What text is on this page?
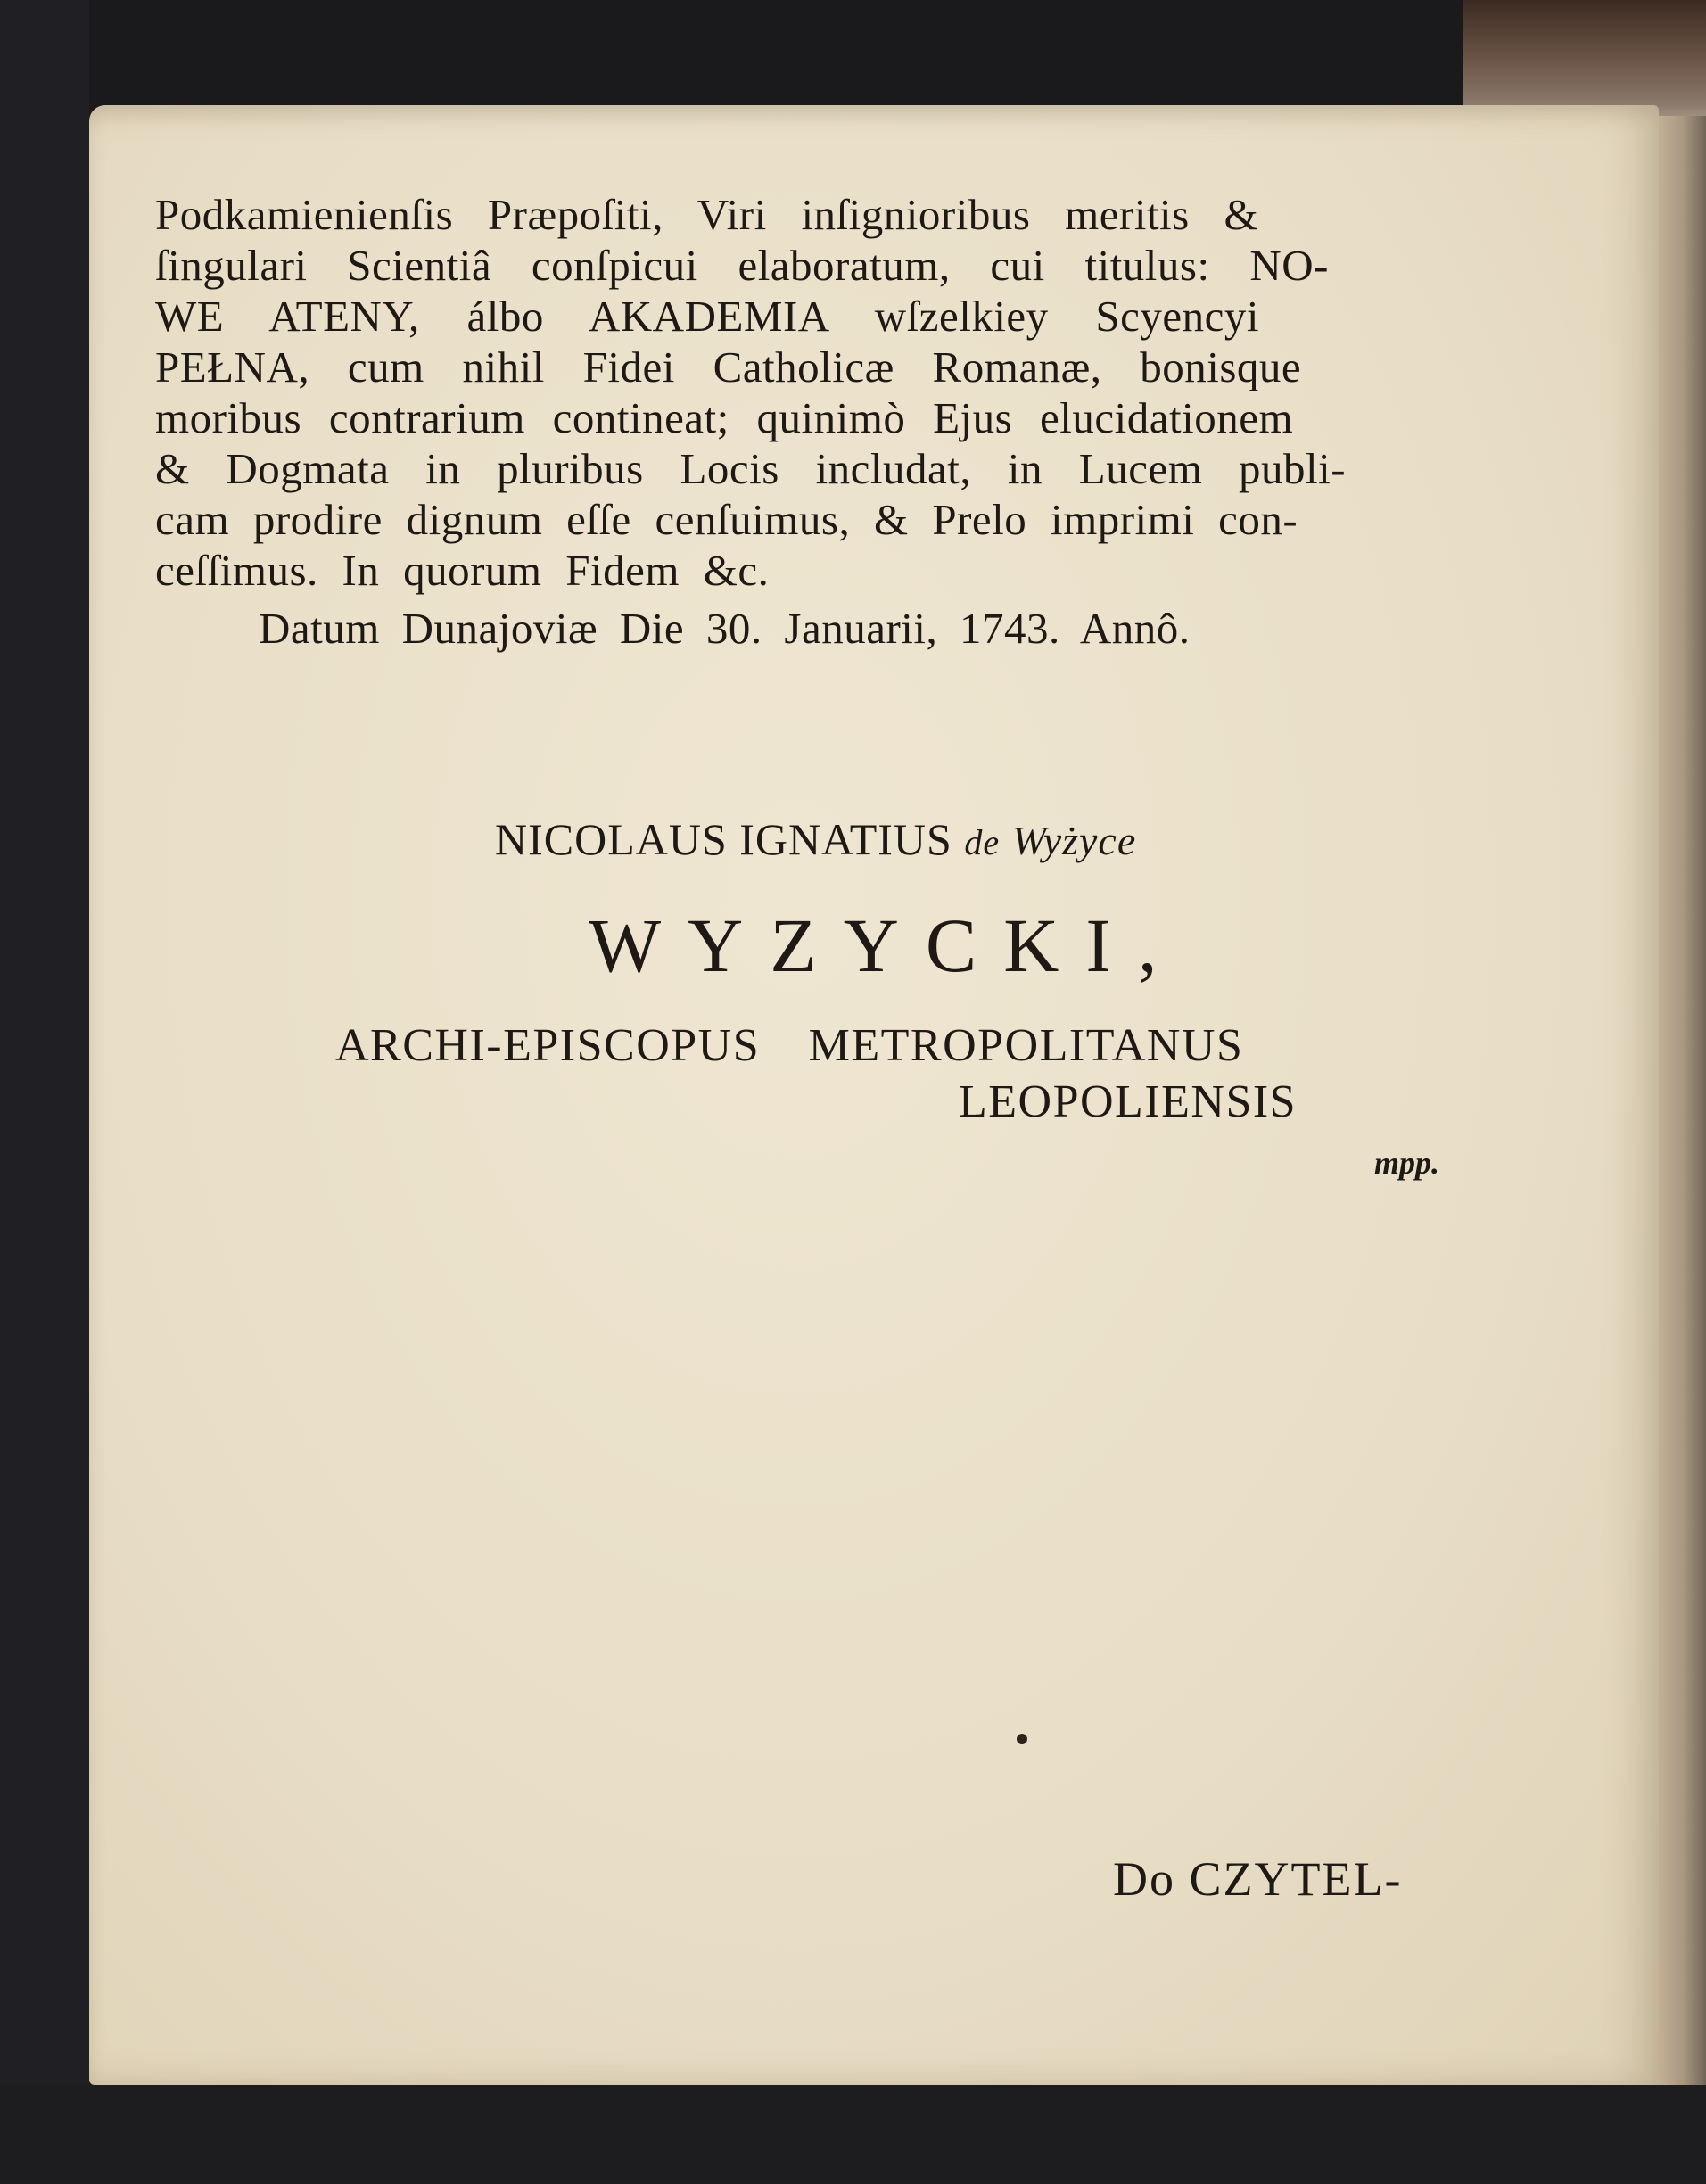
Podkamienienſis Præpoſiti, Viri inſignioribus meritis &
ſingulari Scientiâ conſpicui elaboratum, cui titulus: NO-
WE ATENY, álbo AKADEMIA wſzelkiey Scyencyi
PEŁNA, cum nihil Fidei Catholicæ Romanæ, bonisque
moribus contrarium contineat; quinimò Ejus elucidationem
& Dogmata in pluribus Locis includat, in Lucem publi-
cam prodire dignum eſſe cenſuimus, & Prelo imprimi con-
ceſſimus. In quorum Fidem &c.
Datum Dunajoviæ Die 30. Januarii, 1743. Annô.
NICOLAUS IGNATIUS de Wyżyce
WYZYCKI,
ARCHI-EPISCOPUS METROPOLITANUS
LEOPOLIENSIS
mpp.
Do CZYTEL-
